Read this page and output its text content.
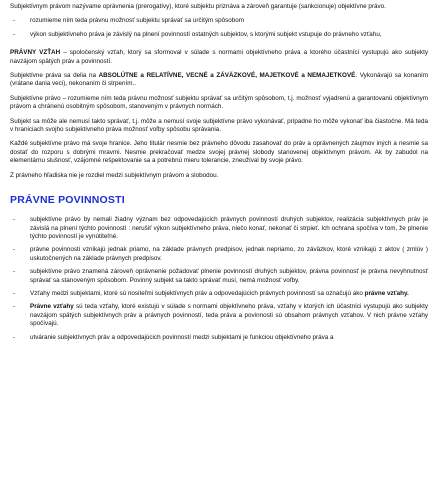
Subjektívnym právom nazývame oprávnenia (prerogatívy), ktoré subjektu priznáva a zároveň garantuje (sankcionuje) objektívne právo.

- rozumieme ním teda právnu možnosť subjektu správať sa určitým spôsobom
- výkon subjektívneho práva je závislý na plnení povinností ostatných subjektov, s ktorými subjekt vstupuje do právneho vzťahu,

PRÁVNY VZŤAH – spoločenský vzťah, ktorý sa sformoval v súlade s normami objektívneho práva a ktorého účastníci vystupujú ako subjekty navzájom spätých práv a povinností.

Subjektívne práva sa delia na ABSOLÚTNE a RELATÍVNE, VECNÉ a ZÁVÄZKOVÉ, MAJETKOVÉ a NEMAJETKOVÉ. Vykonávajú sa konaním (vrátane dania veci), nekonaním či strpením..

Subjektívne právo – rozumieme ním teda právnu možnosť subjektu správať sa určitým spôsobom, t.j. možnosť vyjadrenú a garantovanú objektívnym právom a chránenú osobitným spôsobom, stanoveným v právnych normách.

Subjekt sa môže ale nemusí takto správať, t.j. môže a nemusí svoje subjektívne právo vykonávať, prípadne ho môže vykonať iba čiastočne. Má teda v hraniciach svojho subjektívneho práva možnosť voľby spôsobu správania.

Každé subjektívne právo má svoje hranice. Jeho titulár nesmie bez právneho dôvodu zasahovať do práv a oprávnených záujmov iných a nesmie sa dostať do rozporu s dobrými mravmi. Nesmie prekračovať medze svojej právnej slobody stanovenej objektívnym právom. Ak by zabudol na elementárnu slušnosť, vzájomné rešpektovanie sa a potrebnú mieru tolerancie, zneužíval by svoje právo.

Z právneho hľadiska nie je rozdiel medzi subjektívnym právom a slobodou.

PRÁVNE POVINNOSTI
- subjektívne právo by nemali žiadny význam bez odpovedajúcich právnych povinností druhých subjektov, realizácia subjektívnych práv je závislá na plnení týchto povinností : nerušiť výkon subjektívneho práva, niečo konať, nekonať či strpieť. Ich ochrana spočíva v tom, že plnenie týchto povinností je vynútiteľné.
- právne povinnosti vznikajú jednak priamo, na základe právnych predpisov, jednak nepriamo, zo záväzkov, ktoré vznikajú z aktov ( zmlúv ) uskutočnených na základe právnych predpisov.
- subjektívne právo znamená zároveň oprávnenie požadovať plnenie povinností druhých subjektov, právna povinnosť je právna nevyhnutnosť správať sa stanoveným spôsobom. Povinný subjekt sa takto správať musí, nemá možnosť voľby.
- Vzťahy medzi subjektami, ktoré sú nositeľmi subjektívnych práv a odpovedajúcich právnych povinností sa označujú ako právne vzťahy.
- Právne vzťahy sú teda vzťahy, ktoré existujú v súlade s normami objektívneho práva, vzťahy v ktorých ich účastníci vystupujú ako subjekty navzájom spätých subjektívnych práv a právnych povinností, teda práva a povinnosti sú obsahom právnych vzťahov. V nich právne vzťahy spočívajú.
- utváranie subjektívnych práv a odpovedajúcich povinností medzi subjektami je funkciou objektívneho práva a
